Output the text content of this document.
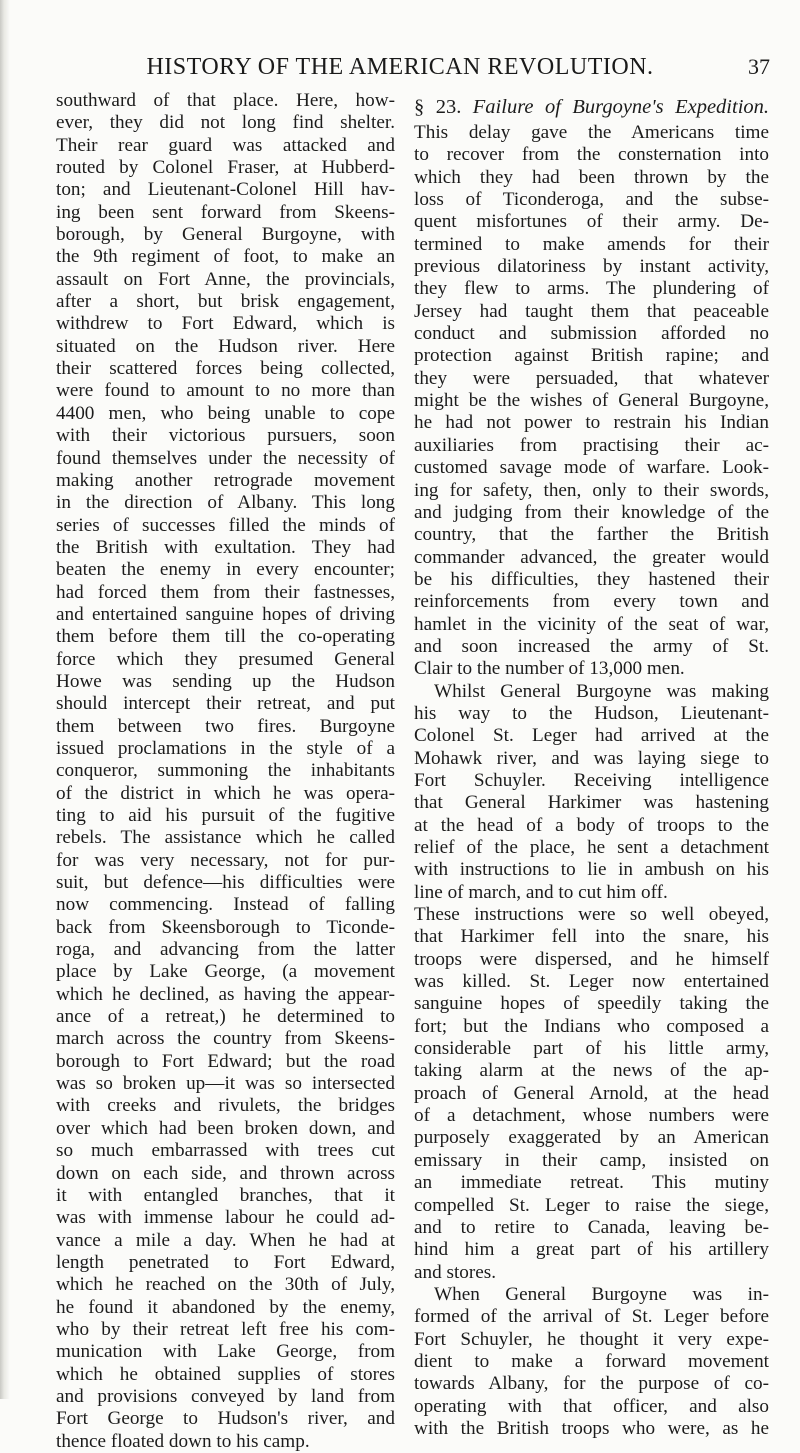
HISTORY OF THE AMERICAN REVOLUTION.	37
southward of that place. Here, how-
ever, they did not long find shelter.
Their rear guard was attacked and
routed by Colonel Fraser, at Hubberd-
ton; and Lieutenant-Colonel Hill hav-
ing been sent forward from Skeens-
borough, by General Burgoyne, with
the 9th regiment of foot, to make an
assault on Fort Anne, the provincials,
after a short, but brisk engagement,
withdrew to Fort Edward, which is
situated on the Hudson river. Here
their scattered forces being collected,
were found to amount to no more than
4400 men, who being unable to cope
with their victorious pursuers, soon
found themselves under the necessity of
making another retrograde movement
in the direction of Albany. This long
series of successes filled the minds of
the British with exultation. They had
beaten the enemy in every encounter;
had forced them from their fastnesses,
and entertained sanguine hopes of driving
them before them till the co-operating
force which they presumed General
Howe was sending up the Hudson
should intercept their retreat, and put
them between two fires. Burgoyne
issued proclamations in the style of a
conqueror, summoning the inhabitants
of the district in which he was opera-
ting to aid his pursuit of the fugitive
rebels. The assistance which he called
for was very necessary, not for pur-
suit, but defence—his difficulties were
now commencing. Instead of falling
back from Skeensborough to Ticonde-
roga, and advancing from the latter
place by Lake George, (a movement
which he declined, as having the appear-
ance of a retreat,) he determined to
march across the country from Skeens-
borough to Fort Edward; but the road
was so broken up—it was so intersected
with creeks and rivulets, the bridges
over which had been broken down, and
so much embarrassed with trees cut
down on each side, and thrown across
it with entangled branches, that it
was with immense labour he could ad-
vance a mile a day. When he had at
length penetrated to Fort Edward,
which he reached on the 30th of July,
he found it abandoned by the enemy,
who by their retreat left free his com-
munication with Lake George, from
which he obtained supplies of stores
and provisions conveyed by land from
Fort George to Hudson's river, and
thence floated down to his camp.
§ 23. Failure of Burgoyne's Expedition.
This delay gave the Americans time
to recover from the consternation into
which they had been thrown by the
loss of Ticonderoga, and the subse-
quent misfortunes of their army. De-
termined to make amends for their
previous dilatoriness by instant activity,
they flew to arms. The plundering of
Jersey had taught them that peaceable
conduct and submission afforded no
protection against British rapine; and
they were persuaded, that whatever
might be the wishes of General Burgoyne,
he had not power to restrain his Indian
auxiliaries from practising their ac-
customed savage mode of warfare. Look-
ing for safety, then, only to their swords,
and judging from their knowledge of the
country, that the farther the British
commander advanced, the greater would
be his difficulties, they hastened their
reinforcements from every town and
hamlet in the vicinity of the seat of war,
and soon increased the army of St.
Clair to the number of 13,000 men.
Whilst General Burgoyne was making
his way to the Hudson, Lieutenant-
Colonel St. Leger had arrived at the
Mohawk river, and was laying siege to
Fort Schuyler. Receiving intelligence
that General Harkimer was hastening
at the head of a body of troops to the
relief of the place, he sent a detachment
with instructions to lie in ambush on his
line of march, and to cut him off.
These instructions were so well obeyed,
that Harkimer fell into the snare, his
troops were dispersed, and he himself
was killed. St. Leger now entertained
sanguine hopes of speedily taking the
fort; but the Indians who composed a
considerable part of his little army,
taking alarm at the news of the ap-
proach of General Arnold, at the head
of a detachment, whose numbers were
purposely exaggerated by an American
emissary in their camp, insisted on
an immediate retreat. This mutiny
compelled St. Leger to raise the siege,
and to retire to Canada, leaving be-
hind him a great part of his artillery
and stores.
When General Burgoyne was in-
formed of the arrival of St. Leger before
Fort Schuyler, he thought it very expe-
dient to make a forward movement
towards Albany, for the purpose of co-
operating with that officer, and also
with the British troops who were, as he
